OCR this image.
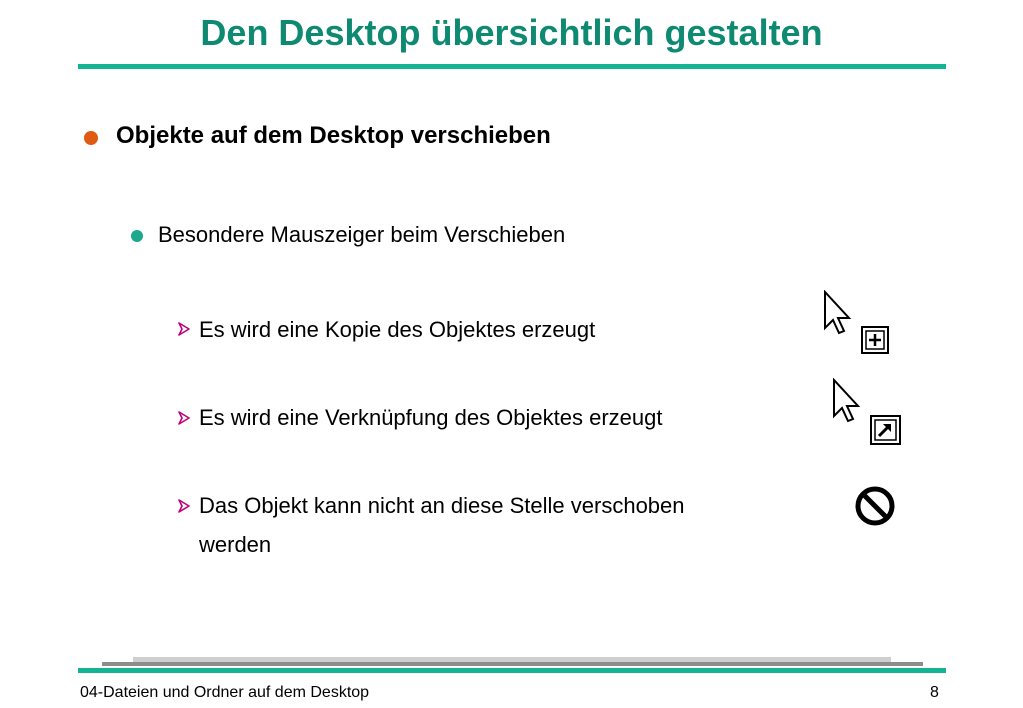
Den Desktop übersichtlich gestalten
Objekte auf dem Desktop verschieben
Besondere Mauszeiger beim Verschieben
Es wird eine Kopie des Objektes erzeugt
Es wird eine Verknüpfung des Objektes erzeugt
Das Objekt kann nicht an diese Stelle verschoben
werden
04-Dateien und Ordner auf dem Desktop	8
